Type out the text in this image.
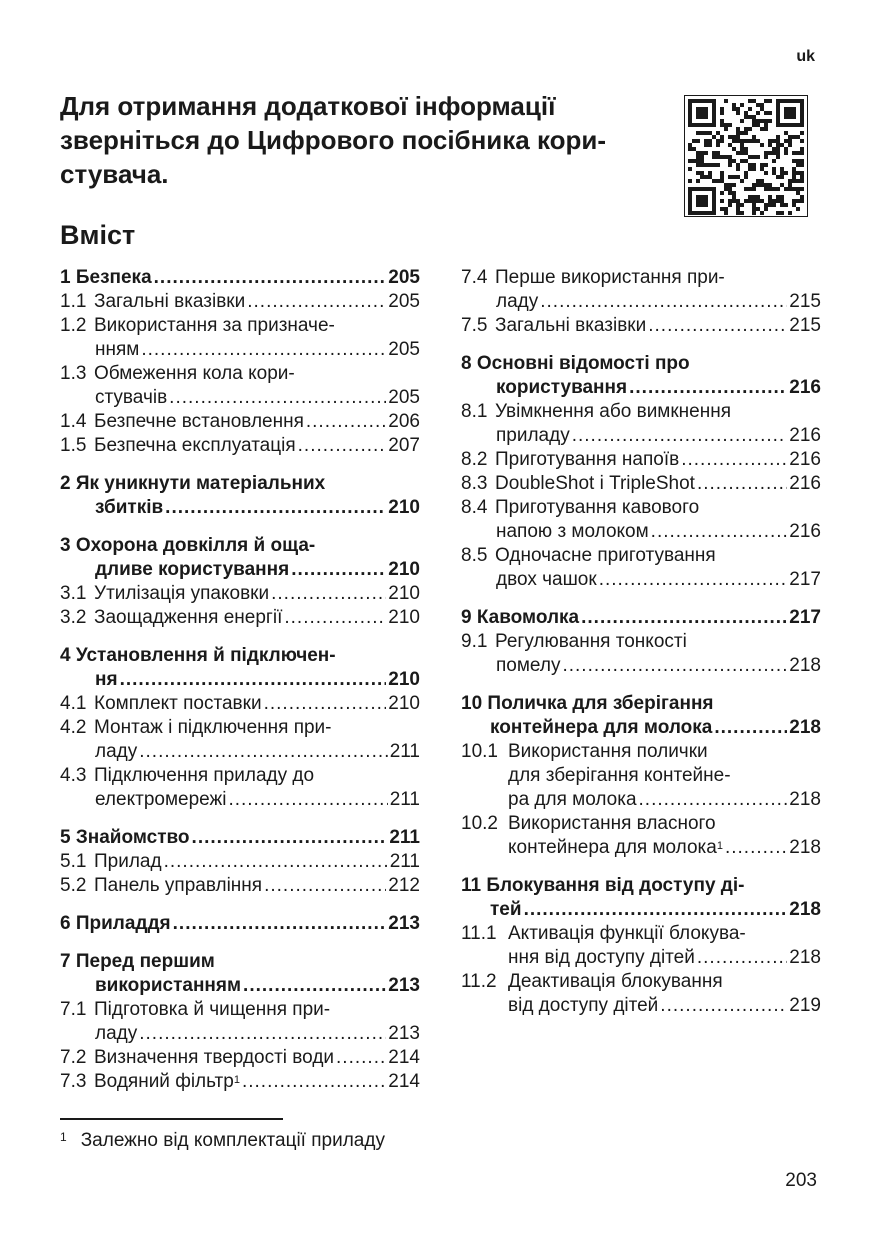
uk
Для отримання додаткової інформації
зверніться до Цифрового посібника кори-
стувача.
Вміст
1 Безпека .....	205
1.1 Загальні вказівки .....	205
1.2 Використання за призначе-
нням .....	205
1.3 Обмеження кола кори-
стувачів .....	205
1.4 Безпечне встановлення .....	206
1.5 Безпечна експлуатація .....	207
2 Як уникнути матеріальних
збитків .....	210
3 Охорона довкілля й оща-
дливе користування .....	210
3.1 Утилізація упаковки .....	210
3.2 Заощадження енергії .....	210
4 Установлення й підключен-
ня .....	210
4.1 Комплект поставки .....	210
4.2 Монтаж і підключення при-
ладу .....	211
4.3 Підключення приладу до
електромережі .....	211
5 Знайомство .....	211
5.1 Прилад .....	211
5.2 Панель управління .....	212
6 Приладдя .....	213
7 Перед першим
використанням .....	213
7.1 Підготовка й чищення при-
ладу .....	213
7.2 Визначення твердості води .....	214
7.3 Водяний фільтр 1 .....	214
7.4 Перше використання при-
ладу .....	215
7.5 Загальні вказівки .....	215
8 Основні відомості про
користування .....	216
8.1 Увімкнення або вимкнення
приладу .....	216
8.2 Приготування напоїв .....	216
8.3 DoubleShot і TripleShot .....	216
8.4 Приготування кавового
напою з молоком .....	216
8.5 Одночасне приготування
двох чашок .....	217
9 Кавомолка .....	217
9.1 Регулювання тонкості
помелу .....	218
10 Поличка для зберігання
контейнера для молока .....	218
10.1 Використання полички
для зберігання контейне-
ра для молока .....	218
10.2 Використання власного
контейнера для молока 1 .....	218
11 Блокування від доступу ді-
тей .....	218
11.1 Активація функції блокува-
ння від доступу дітей .....	218
11.2 Деактивація блокування
від доступу дітей .....	219
$^1$ Залежно від комплектації приладу
203
